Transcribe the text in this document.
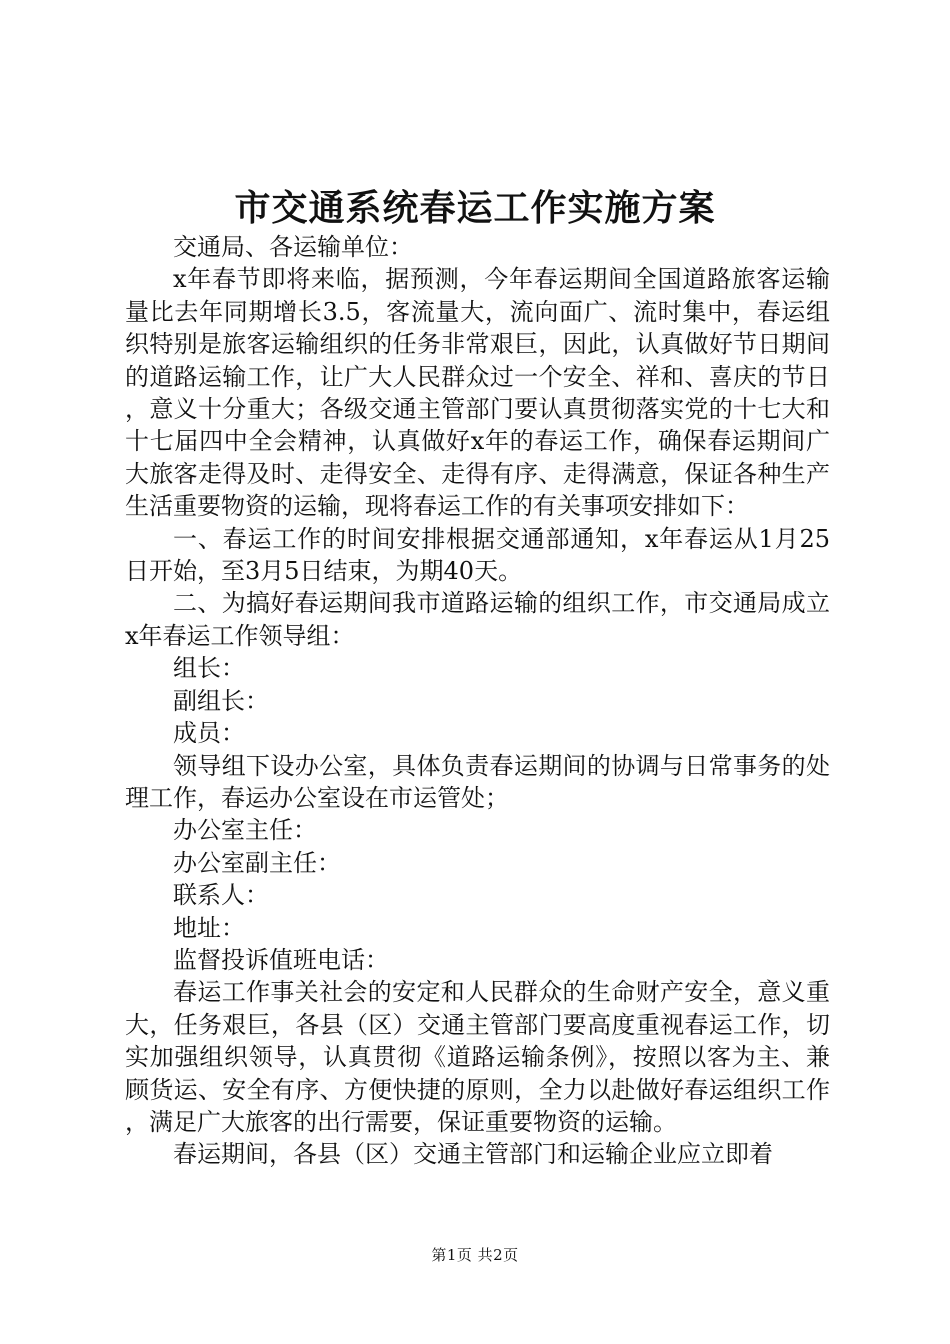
市交通系统春运工作实施方案

交通局、各运输单位：

x年春节即将来临，据预测，今年春运期间全国道路旅客运输量比去年同期增长3.5，客流量大，流向面广、流时集中，春运组织特别是旅客运输组织的任务非常艰巨，因此，认真做好节日期间的道路运输工作，让广大人民群众过一个安全、祥和、喜庆的节日，意义十分重大；各级交通主管部门要认真贯彻落实党的十七大和十七届四中全会精神，认真做好x年的春运工作，确保春运期间广大旅客走得及时、走得安全、走得有序、走得满意，保证各种生产生活重要物资的运输，现将春运工作的有关事项安排如下：

一、春运工作的时间安排根据交通部通知，x年春运从1月25日开始，至3月5日结束，为期40天。

二、为搞好春运期间我市道路运输的组织工作，市交通局成立x年春运工作领导组：

组长：

副组长：

成员：

领导组下设办公室，具体负责春运期间的协调与日常事务的处理工作，春运办公室设在市运管处；

办公室主任：

办公室副主任：

联系人：

地址：

监督投诉值班电话：

春运工作事关社会的安定和人民群众的生命财产安全，意义重大，任务艰巨，各县（区）交通主管部门要高度重视春运工作，切实加强组织领导，认真贯彻《道路运输条例》，按照以客为主、兼顾货运、安全有序、方便快捷的原则，全力以赴做好春运组织工作，满足广大旅客的出行需要，保证重要物资的运输。

春运期间，各县（区）交通主管部门和运输企业应立即着

第1页 共2页
